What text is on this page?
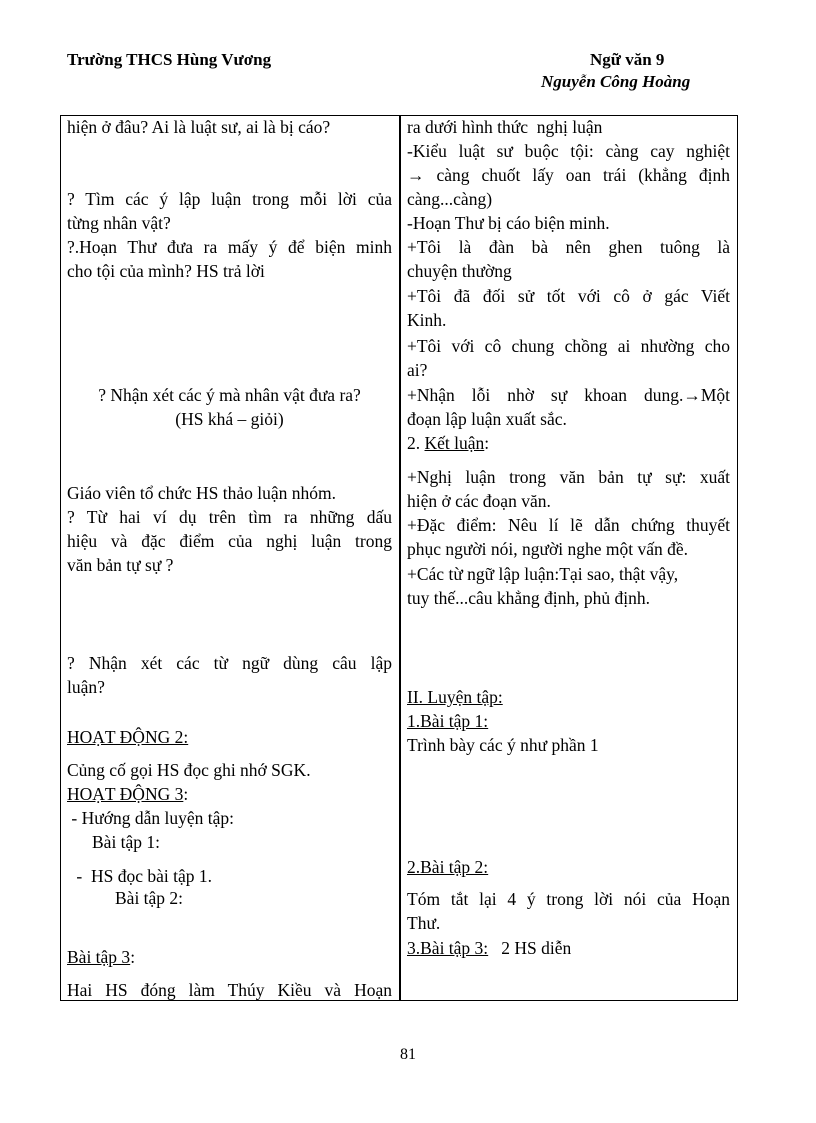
Trường THCS Hùng Vương	Ngữ văn 9
Nguyễn Công Hoàng
hiện ở đâu? Ai là luật sư, ai là bị cáo?
? Tìm các ý lập luận trong mỗi lời của
từng nhân vật?
?.Hoạn Thư đưa ra mấy ý để biện minh
cho tội của mình? HS trả lời
? Nhận xét các ý mà nhân vật đưa ra?
(HS khá – giỏi)
Giáo viên tổ chức HS thảo luận nhóm.
? Từ hai ví dụ trên tìm ra những dấu
hiệu và đặc điểm của nghị luận trong
văn bản tự sự ?
? Nhận xét các từ ngữ dùng câu lập
luận?
HOẠT ĐỘNG 2:
Củng cố gọi HS đọc ghi nhớ SGK.
HOẠT ĐỘNG 3:
- Hướng dẫn luyện tập:
Bài tập 1:
-  HS đọc bài tập 1.
Bài tập 2:
Bài tập 3:
Hai HS đóng làm Thúy Kiều và Hoạn
ra dưới hình thức  nghị luận
-Kiểu luật sư buộc tội: càng cay nghiệt
→ càng chuốt lấy oan trái (khẳng định
càng...càng)
-Hoạn Thư bị cáo biện minh.
+Tôi là đàn bà nên ghen tuông là
chuyện thường
+Tôi đã đối sử tốt với cô ở gác Viết
Kinh.
+Tôi với cô chung chồng ai nhường cho
ai?
+Nhận lỗi nhờ sự khoan dung.→Một
đoạn lập luận xuất sắc.
2. Kết luận:
+Nghị luận trong văn bản tự sự: xuất
hiện ở các đoạn văn.
+Đặc điểm: Nêu lí lẽ dẫn chứng thuyết
phục người nói, người nghe một vấn đề.
+Các từ ngữ lập luận:Tại sao, thật vậy,
tuy thế...câu khẳng định, phủ định.
II. Luyện tập:
1.Bài tập 1:
Trình bày các ý như phần 1
2.Bài tập 2:
Tóm tắt lại 4 ý trong lời nói của Hoạn
Thư.
3.Bài tập 3:   2 HS diễn
81
